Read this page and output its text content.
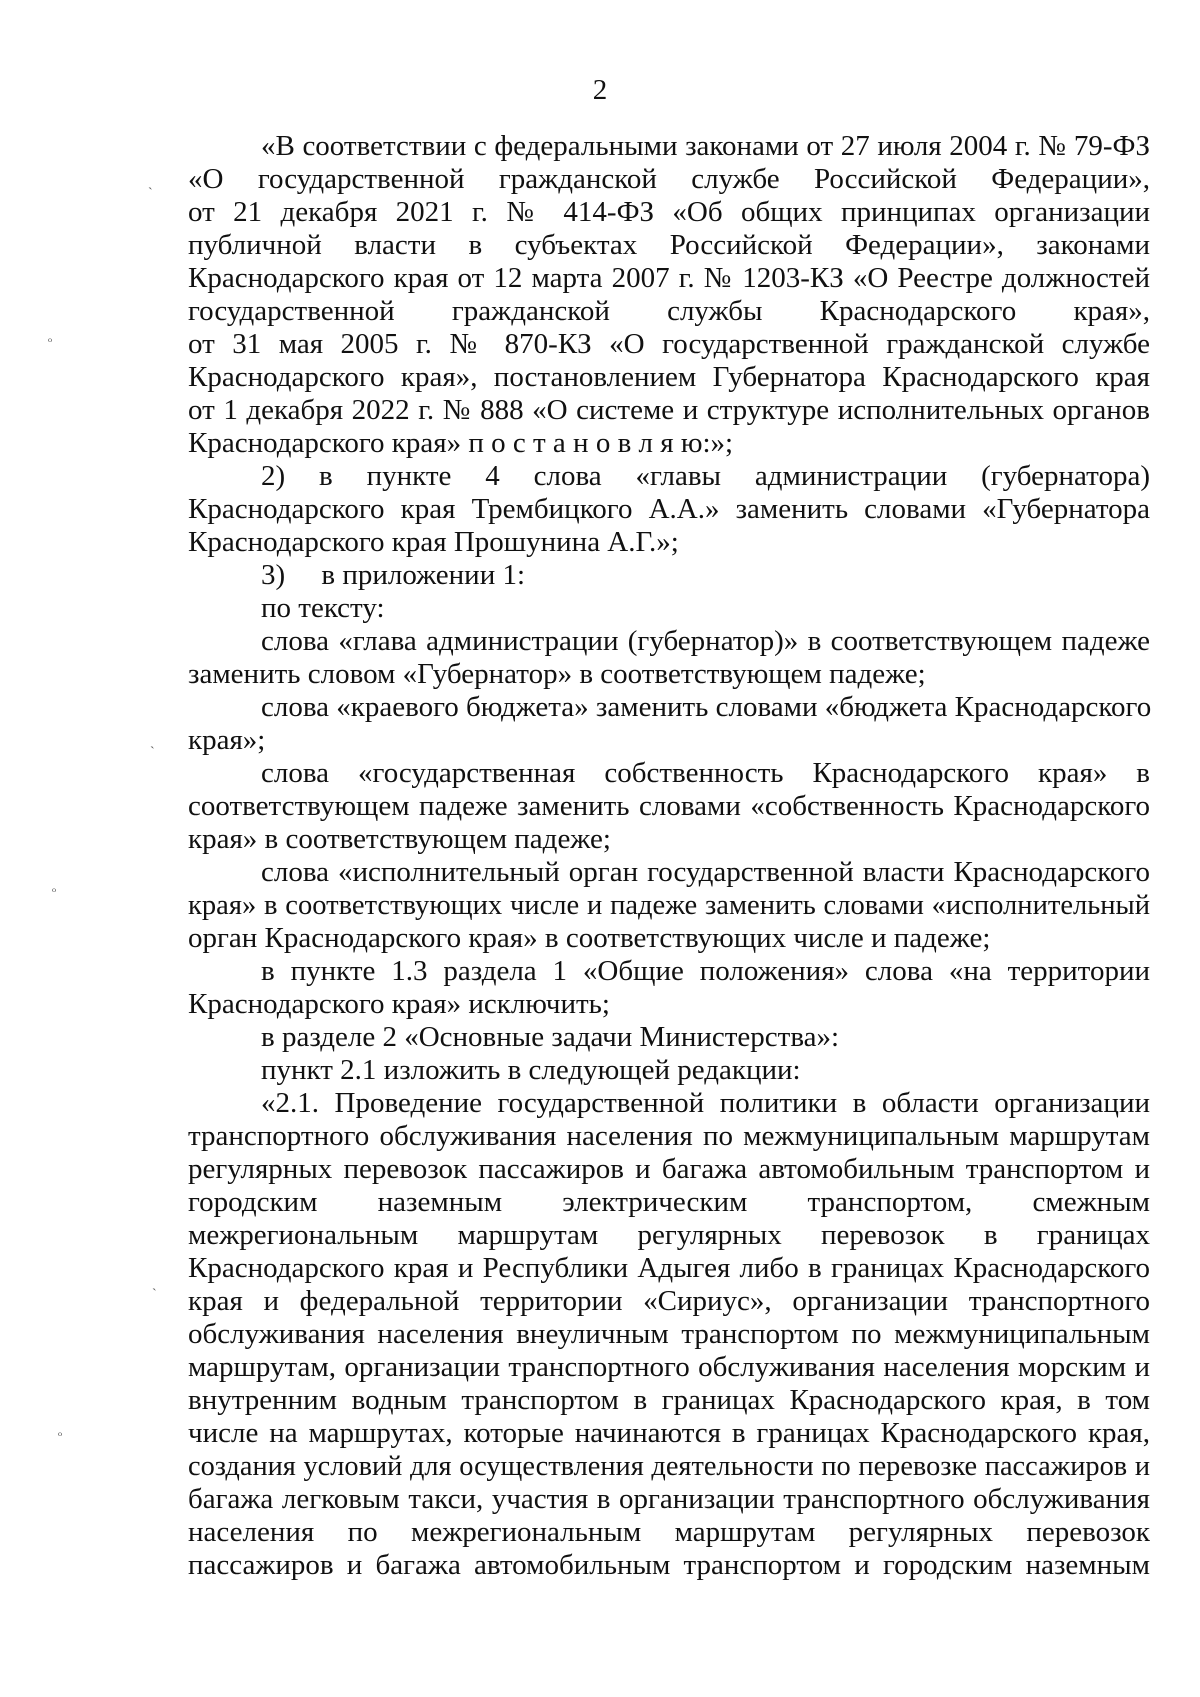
2
«В соответствии с федеральными законами от 27 июля 2004 г. № 79-ФЗ
«О государственной гражданской службе Российской Федерации»,
от 21 декабря 2021 г. № 414-ФЗ «Об общих принципах организации
публичной власти в субъектах Российской Федерации», законами
Краснодарского края от 12 марта 2007 г. № 1203-КЗ «О Реестре должностей
государственной гражданской службы Краснодарского края»,
от 31 мая 2005 г. № 870-КЗ «О государственной гражданской службе
Краснодарского края», постановлением Губернатора Краснодарского края
от 1 декабря 2022 г. № 888 «О системе и структуре исполнительных органов
Краснодарского края» п о с т а н о в л я ю:»;
2) в пункте 4 слова «главы администрации (губернатора)
Краснодарского края Трембицкого А.А.» заменить словами «Губернатора
Краснодарского края Прошунина А.Г.»;
3)     в приложении 1:
по тексту:
слова «глава администрации (губернатор)» в соответствующем падеже
заменить словом «Губернатор» в соответствующем падеже;
слова «краевого бюджета» заменить словами «бюджета Краснодарского
края»;
слова «государственная собственность Краснодарского края» в
соответствующем падеже заменить словами «собственность Краснодарского
края» в соответствующем падеже;
слова «исполнительный орган государственной власти Краснодарского
края» в соответствующих числе и падеже заменить словами «исполнительный
орган Краснодарского края» в соответствующих числе и падеже;
в пункте 1.3 раздела 1 «Общие положения» слова «на территории
Краснодарского края» исключить;
в разделе 2 «Основные задачи Министерства»:
пункт 2.1 изложить в следующей редакции:
«2.1. Проведение государственной политики в области организации
транспортного обслуживания населения по межмуниципальным маршрутам
регулярных перевозок пассажиров и багажа автомобильным транспортом и
городским наземным электрическим транспортом, смежным
межрегиональным маршрутам регулярных перевозок в границах
Краснодарского края и Республики Адыгея либо в границах Краснодарского
края и федеральной территории «Сириус», организации транспортного
обслуживания населения внеуличным транспортом по межмуниципальным
маршрутам, организации транспортного обслуживания населения морским и
внутренним водным транспортом в границах Краснодарского края, в том
числе на маршрутах, которые начинаются в границах Краснодарского края,
создания условий для осуществления деятельности по перевозке пассажиров и
багажа легковым такси, участия в организации транспортного обслуживания
населения по межрегиональным маршрутам регулярных перевозок
пассажиров и багажа автомобильным транспортом и городским наземным
`
ₒ
`
ₒ
`
ₒ
